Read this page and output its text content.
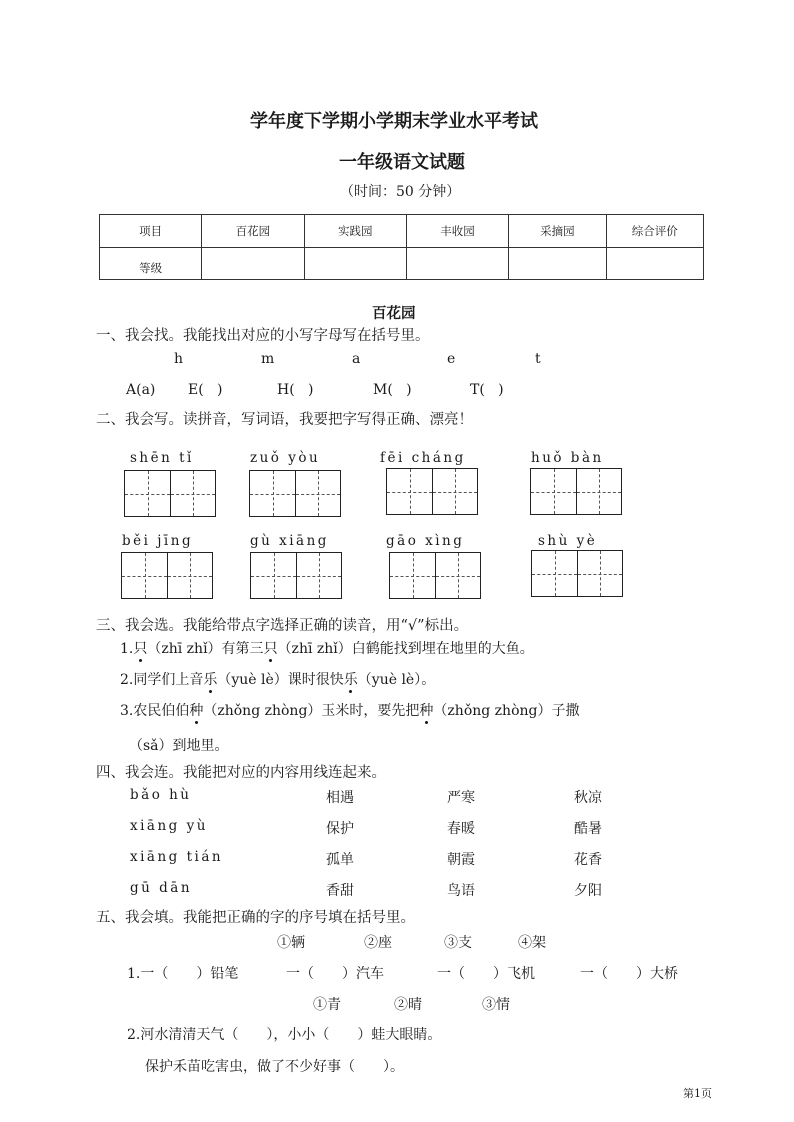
学年度下学期小学期末学业水平考试
一年级语文试题
（时间：50 分钟）
项目	百花园	实践园	丰收园	采摘园	综合评价
等级					
百花园
一、我会找。我能找出对应的小写字母写在括号里。
h	m	a	e	t
A(a) E(   )	H(   )	M(   )	T(   )
二、我会写。读拼音，写词语，我要把字写得正确、漂亮！
shēn tǐ	zuǒ yòu	fēi cháng	huǒ bàn
běi jīng	gù xiāng	gāo xìng	shù yè
三、我会选。我能给带点字选择正确的读音，用“√”标出。
1.只（zhī zhǐ）有第三只（zhī zhǐ）白鹤能找到埋在地里的大鱼。
2.同学们上音乐（yuè lè）课时很快乐（yuè lè）。
3.农民伯伯种（zhǒng zhòng）玉米时，要先把种（zhǒng zhòng）子撒
（sǎ）到地里。
四、我会连。我能把对应的内容用线连起来。
bǎo hù	相遇	严寒	秋凉
xiāng yù	保护	春暖	酷暑
xiāng tián	孤单	朝霞	花香
gū dān	香甜	鸟语	夕阳
五、我会填。我能把正确的字的序号填在括号里。
①辆	②座	③支	④架
1.一（　　）铅笔	一（　　）汽车	一（　　）飞机	一（　　）大桥
①青	②晴	③情
2.河水清清天气（　　），小小（　　）蛙大眼睛。
保护禾苗吃害虫，做了不少好事（　　）。
第1页
